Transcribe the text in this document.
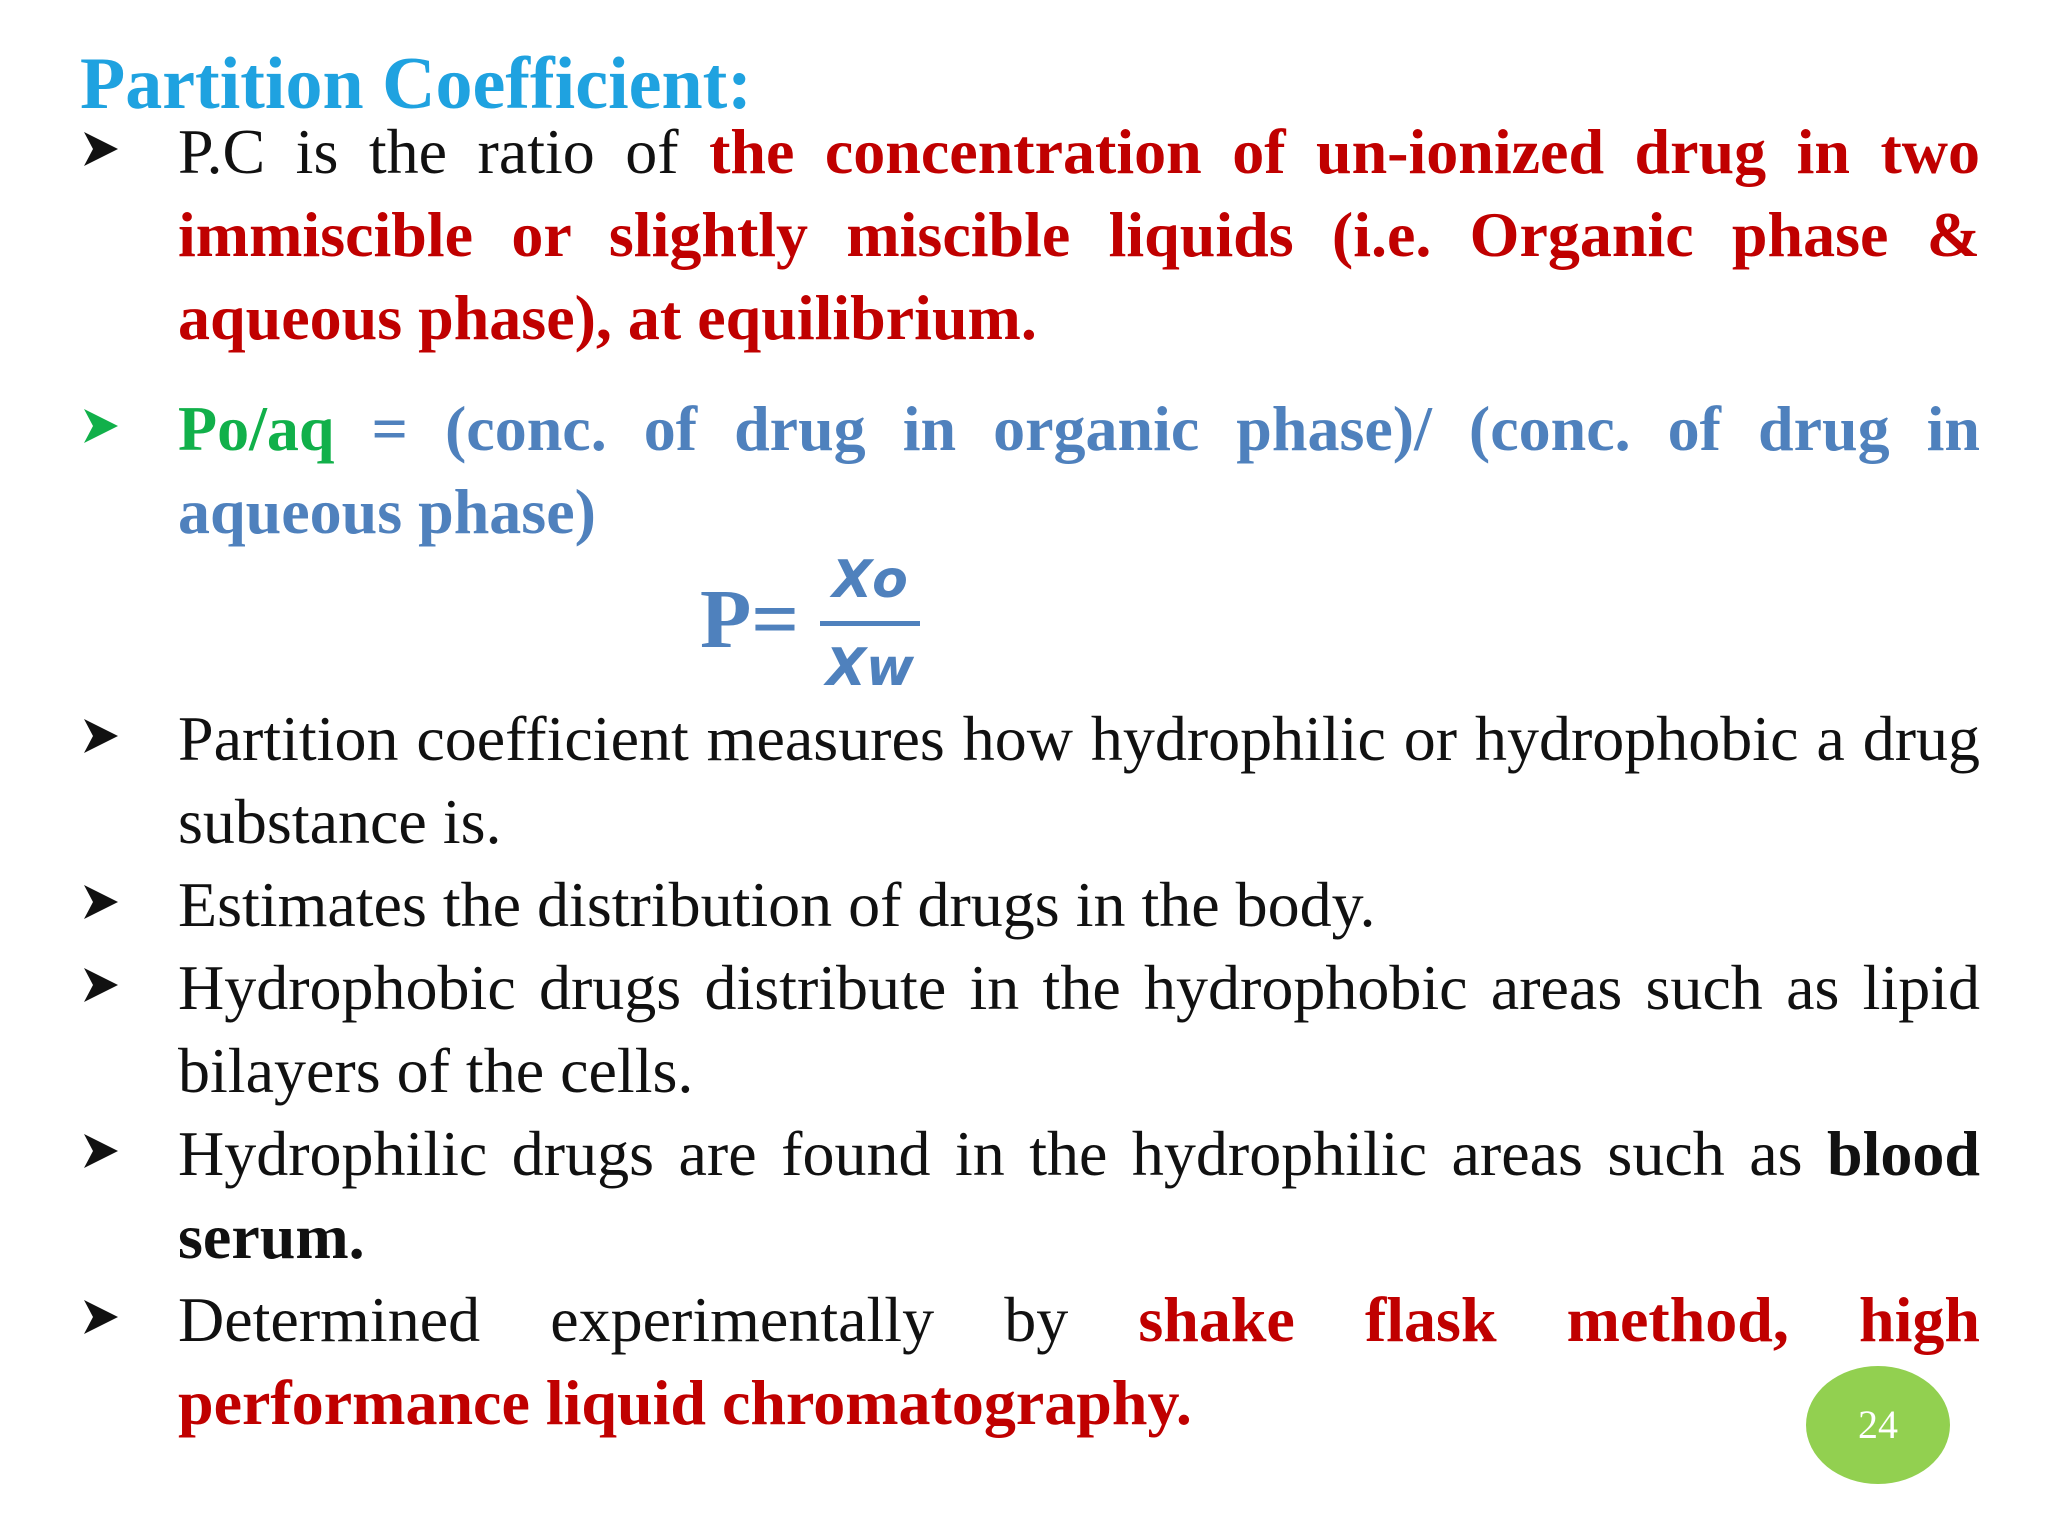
Partition Coefficient:
P.C is the ratio of the concentration of un-ionized drug in two immiscible or slightly miscible liquids (i.e. Organic phase & aqueous phase), at equilibrium.
Po/aq = (conc. of drug in organic phase)/ (conc. of drug in aqueous phase)
P= Xo
Xw
Partition coefficient measures how hydrophilic or hydrophobic a drug substance is.
Estimates the distribution of drugs in the body.
Hydrophobic drugs distribute in the hydrophobic areas such as lipid bilayers of the cells.
Hydrophilic drugs are found in the hydrophilic areas such as blood serum.
Determined experimentally by shake flask method, high performance liquid chromatography.	24
